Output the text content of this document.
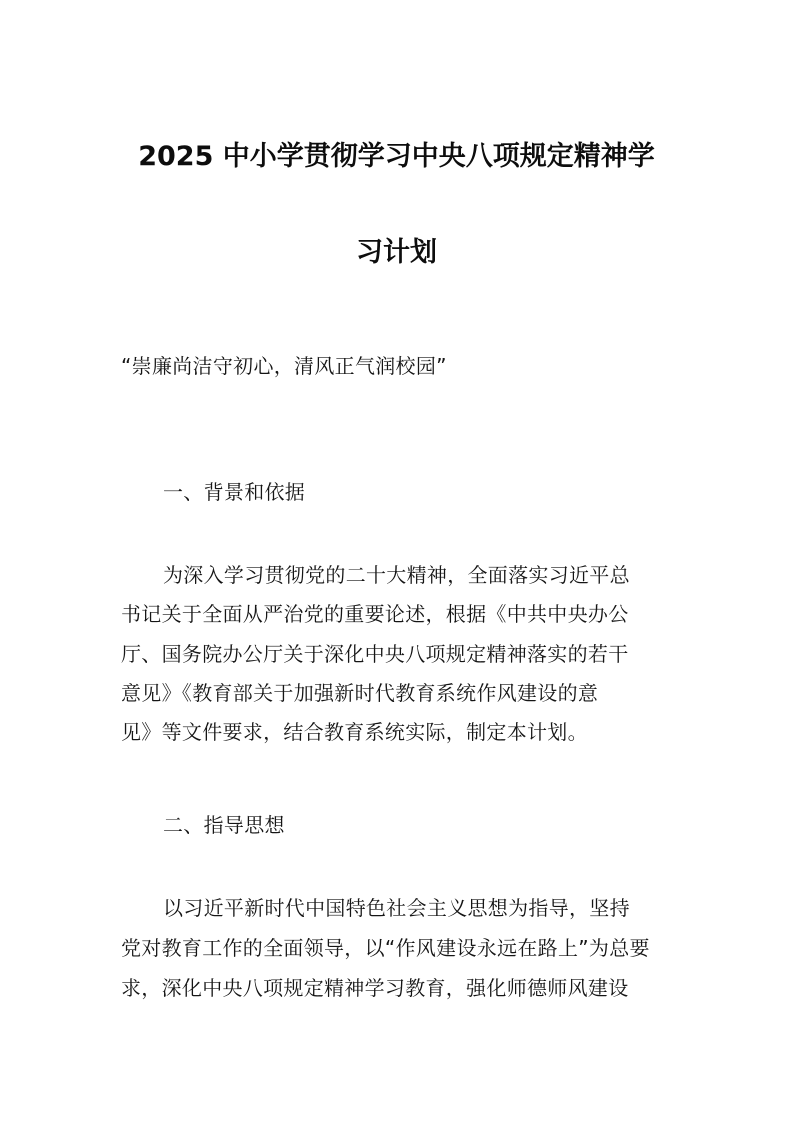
2025 中小学贯彻学习中央八项规定精神学
习计划
“崇廉尚洁守初心，清风正气润校园”
一、背景和依据
为深入学习贯彻党的二十大精神，全面落实习近平总
书记关于全面从严治党的重要论述，根据《中共中央办公
厅、国务院办公厅关于深化中央八项规定精神落实的若干
意见》《教育部关于加强新时代教育系统作风建设的意
见》等文件要求，结合教育系统实际，制定本计划。
二、指导思想
以习近平新时代中国特色社会主义思想为指导，坚持
党对教育工作的全面领导，以“作风建设永远在路上”为总要
求，深化中央八项规定精神学习教育，强化师德师风建设
